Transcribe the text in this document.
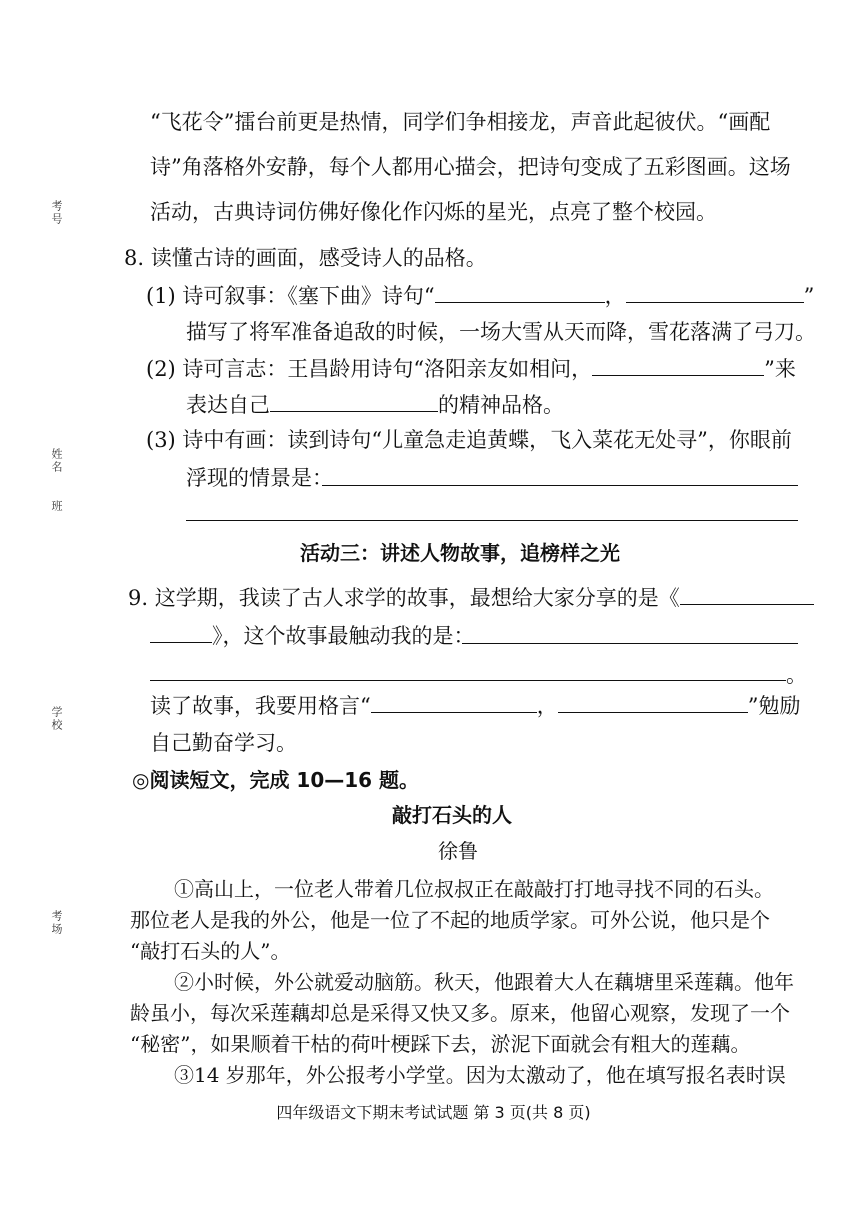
考号
姓名
班
学校
考场
“飞花令”擂台前更是热情，同学们争相接龙，声音此起彼伏。“画配
诗”角落格外安静，每个人都用心描会，把诗句变成了五彩图画。这场
活动，古典诗词仿佛好像化作闪烁的星光，点亮了整个校园。
8. 读懂古诗的画面，感受诗人的品格。
(1) 诗可叙事：《塞下曲》诗句“	，	”
描写了将军准备追敌的时候，一场大雪从天而降，雪花落满了弓刀。
(2) 诗可言志：王昌龄用诗句“洛阳亲友如相问，	”来
表达自己	的精神品格。
(3) 诗中有画：读到诗句“儿童急走追黄蝶，飞入菜花无处寻”，你眼前
浮现的情景是：
活动三：讲述人物故事，追榜样之光
9. 这学期，我读了古人求学的故事，最想给大家分享的是《
》，这个故事最触动我的是：
。
读了故事，我要用格言“	，	”勉励
自己勤奋学习。
◎阅读短文，完成 10—16 题。
敲打石头的人
徐鲁
①高山上，一位老人带着几位叔叔正在敲敲打打地寻找不同的石头。
那位老人是我的外公，他是一位了不起的地质学家。可外公说，他只是个
“敲打石头的人”。
②小时候，外公就爱动脑筋。秋天，他跟着大人在藕塘里采莲藕。他年
龄虽小，每次采莲藕却总是采得又快又多。原来，他留心观察，发现了一个
“秘密”，如果顺着干枯的荷叶梗踩下去，淤泥下面就会有粗大的莲藕。
③14 岁那年，外公报考小学堂。因为太激动了，他在填写报名表时误
四年级语文下期末考试试题 第 3 页(共 8 页)
